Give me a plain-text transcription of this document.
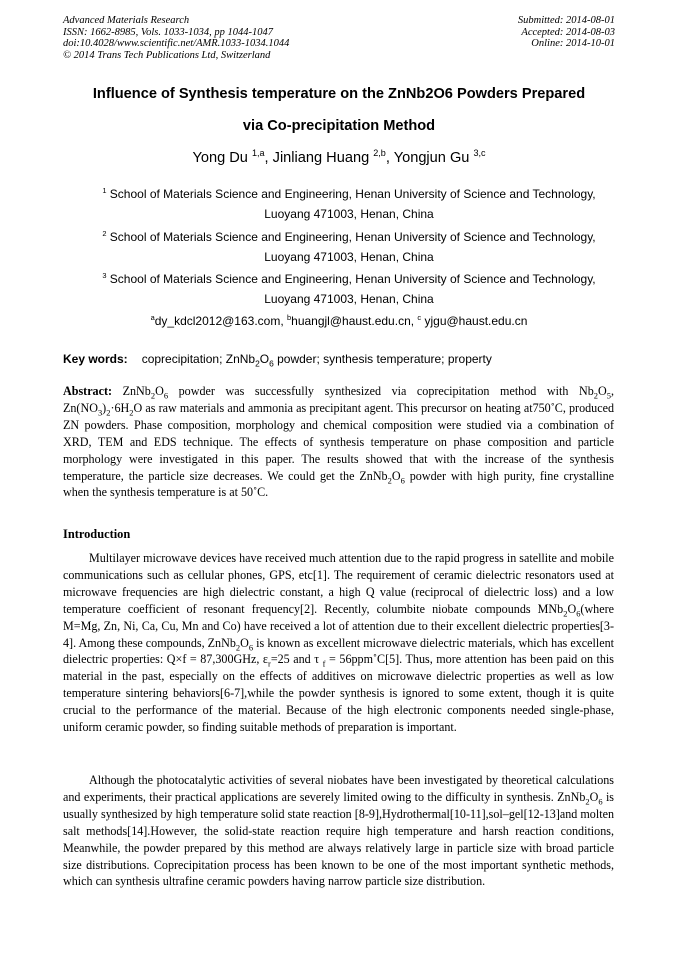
Advanced Materials Research
ISSN: 1662-8985, Vols. 1033-1034, pp 1044-1047
doi:10.4028/www.scientific.net/AMR.1033-1034.1044
© 2014 Trans Tech Publications Ltd, Switzerland
Submitted: 2014-08-01
Accepted: 2014-08-03
Online: 2014-10-01
Influence of Synthesis temperature on the ZnNb2O6 Powders Prepared
via Co-precipitation Method
Yong Du $^{1,a}$, Jinliang Huang $^{2,b}$, Yongjun Gu $^{3,c}$
$^1$ School of Materials Science and Engineering, Henan University of Science and Technology,
Luoyang 471003, Henan, China
$^2$ School of Materials Science and Engineering, Henan University of Science and Technology,
Luoyang 471003, Henan, China
$^3$ School of Materials Science and Engineering, Henan University of Science and Technology,
Luoyang 471003, Henan, China
$^a$dy_kdcl2012@163.com, $^b$huangjl@haust.edu.cn, $^c$ yjgu@haust.edu.cn
Key words: coprecipitation; $ZnNb_2O_6$ powder; synthesis temperature; property
Abstract: $ZnNb_2O_6$ powder was successfully synthesized via coprecipitation method with $Nb_2O_5$, $Zn(NO_3)_2\cdot 6H_2O$ as raw materials and ammonia as precipitant agent. This precursor on heating at750˚C, produced ZN powders. Phase composition, morphology and chemical composition were studied via a combination of XRD, TEM and EDS technique. The effects of synthesis temperature on phase composition and particle morphology were investigated in this paper. The results showed that with the increase of the synthesis temperature, the particle size decreases. We could get the $ZnNb_2O_6$ powder with high purity, fine crystalline when the synthesis temperature is at 50˚C.
Introduction
Multilayer microwave devices have received much attention due to the rapid progress in satellite and mobile communications such as cellular phones, GPS, etc[1]. The requirement of ceramic dielectric resonators used at microwave frequencies are high dielectric constant, a high Q value (reciprocal of dielectric loss) and a low temperature coefficient of resonant frequency[2]. Recently, columbite niobate compounds $MNb_2O_6(where$ M=Mg, Zn, Ni, Ca, Cu, Mn and Co) have received a lot of attention due to their excellent dielectric properties[3-4]. Among these compounds, $ZnNb_2O_6$ is known as excellent microwave dielectric materials, which has excellent dielectric properties: Q×f = 87,300GHz, $\varepsilon_r=25$ and τ $_f$ = 56ppm˚C[5]. Thus, more attention has been paid on this material in the past, especially on the effects of additives on microwave dielectric properties as well as low temperature sintering behaviors[6-7],while the powder synthesis is ignored to some extent, though it is quite crucial to the performance of the material. Because of the high electronic components needed single-phase, uniform ceramic powder, so finding suitable methods of preparation is important.
Although the photocatalytic activities of several niobates have been investigated by theoretical calculations and experiments, their practical applications are severely limited owing to the difficulty in synthesis. $ZnNb_2O_6$ is usually synthesized by high temperature solid state reaction [8-9],Hydrothermal[10-11],sol–gel[12-13]and molten salt methods[14].However, the solid-state reaction require high temperature and harsh reaction conditions, Meanwhile, the powder prepared by this method are always relatively large in particle size with broad particle size distributions. Coprecipitation process has been known to be one of the most important synthetic methods, which can synthesis ultrafine ceramic powders having narrow particle size distribution.
